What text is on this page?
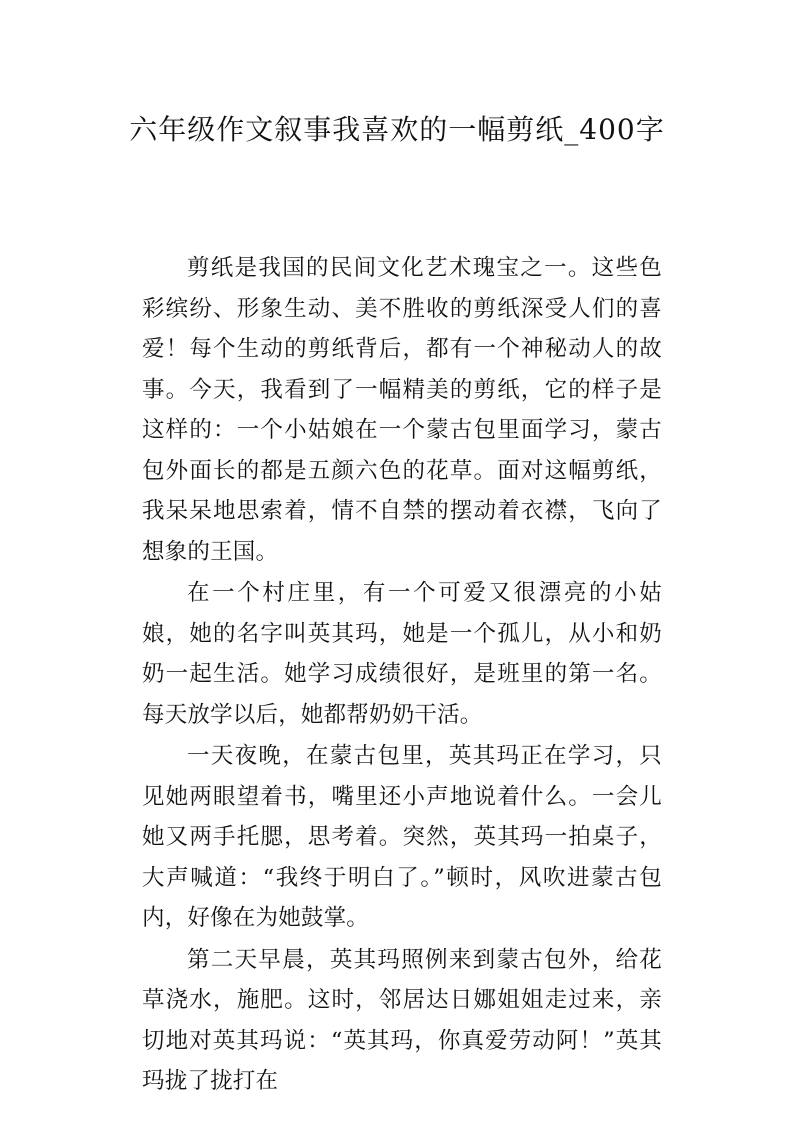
六年级作文叙事我喜欢的一幅剪纸_400字

剪纸是我国的民间文化艺术瑰宝之一。这些色彩缤纷、形象生动、美不胜收的剪纸深受人们的喜爱！每个生动的剪纸背后，都有一个神秘动人的故事。今天，我看到了一幅精美的剪纸，它的样子是这样的：一个小姑娘在一个蒙古包里面学习，蒙古包外面长的都是五颜六色的花草。面对这幅剪纸，我呆呆地思索着，情不自禁的摆动着衣襟，飞向了想象的王国。

在一个村庄里，有一个可爱又很漂亮的小姑娘，她的名字叫英其玛，她是一个孤儿，从小和奶奶一起生活。她学习成绩很好，是班里的第一名。每天放学以后，她都帮奶奶干活。

一天夜晚，在蒙古包里，英其玛正在学习，只见她两眼望着书，嘴里还小声地说着什么。一会儿她又两手托腮，思考着。突然，英其玛一拍桌子，大声喊道：“我终于明白了。”顿时，风吹进蒙古包内，好像在为她鼓掌。

第二天早晨，英其玛照例来到蒙古包外，给花草浇水，施肥。这时，邻居达日娜姐姐走过来，亲切地对英其玛说：“英其玛，你真爱劳动阿！”英其玛拢了拢打在
